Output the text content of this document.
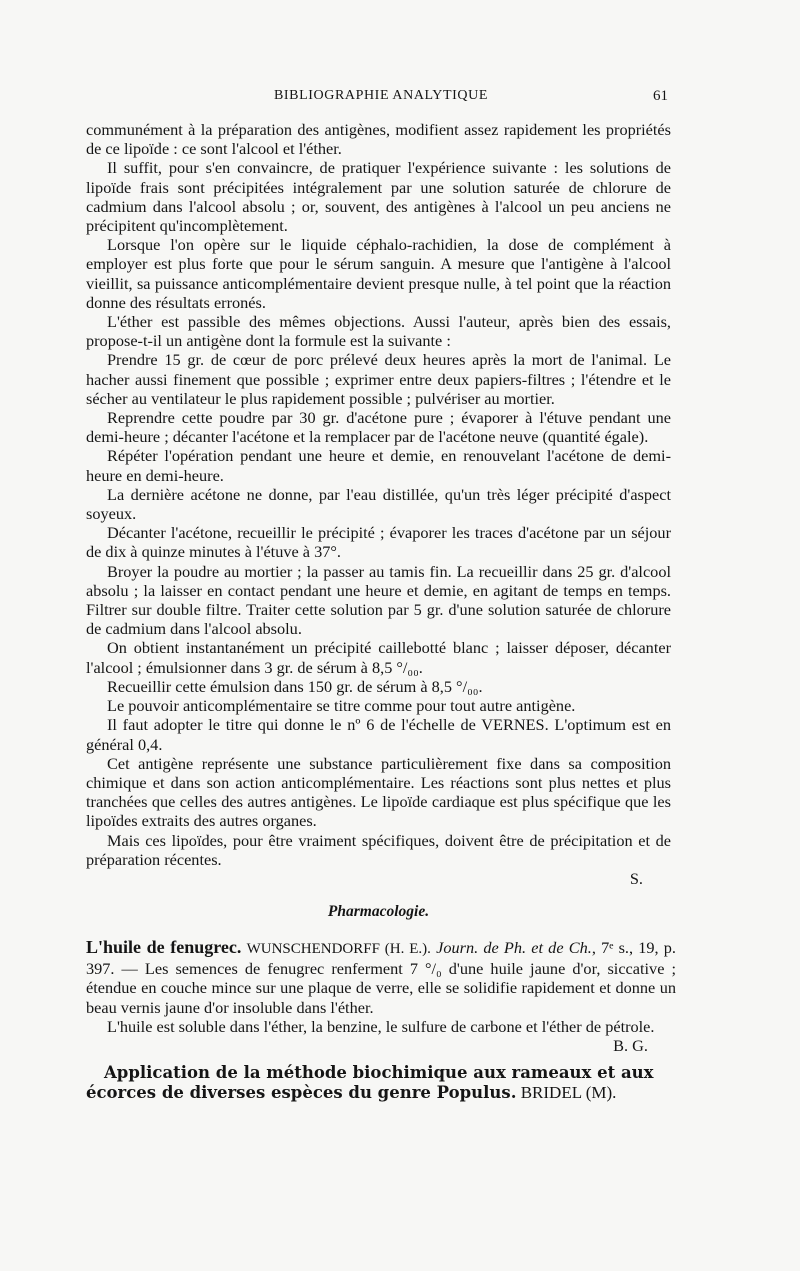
BIBLIOGRAPHIE ANALYTIQUE	61

communément à la préparation des antigènes, modifient assez rapidement les propriétés de ce lipoïde : ce sont l'alcool et l'éther.

Il suffit, pour s'en convaincre, de pratiquer l'expérience suivante : les solutions de lipoïde frais sont précipitées intégralement par une solution saturée de chlorure de cadmium dans l'alcool absolu ; or, souvent, des antigènes à l'alcool un peu anciens ne précipitent qu'incomplètement.

Lorsque l'on opère sur le liquide céphalo-rachidien, la dose de complément à employer est plus forte que pour le sérum sanguin. A mesure que l'antigène à l'alcool vieillit, sa puissance anticomplémentaire devient presque nulle, à tel point que la réaction donne des résultats erronés.

L'éther est passible des mêmes objections. Aussi l'auteur, après bien des essais, propose-t-il un antigène dont la formule est la suivante :

Prendre 15 gr. de cœur de porc prélevé deux heures après la mort de l'animal. Le hacher aussi finement que possible ; exprimer entre deux papiers-filtres ; l'étendre et le sécher au ventilateur le plus rapidement possible ; pulvériser au mortier.

Reprendre cette poudre par 30 gr. d'acétone pure ; évaporer à l'étuve pendant une demi-heure ; décanter l'acétone et la remplacer par de l'acétone neuve (quantité égale).

Répéter l'opération pendant une heure et demie, en renouvelant l'acétone de demi-heure en demi-heure.

La dernière acétone ne donne, par l'eau distillée, qu'un très léger précipité d'aspect soyeux.

Décanter l'acétone, recueillir le précipité ; évaporer les traces d'acétone par un séjour de dix à quinze minutes à l'étuve à 37°.

Broyer la poudre au mortier ; la passer au tamis fin. La recueillir dans 25 gr. d'alcool absolu ; la laisser en contact pendant une heure et demie, en agitant de temps en temps. Filtrer sur double filtre. Traiter cette solution par 5 gr. d'une solution saturée de chlorure de cadmium dans l'alcool absolu.

On obtient instantanément un précipité caillebotté blanc ; laisser déposer, décanter l'alcool ; émulsionner dans 3 gr. de sérum à 8,5 °/₀₀.

Recueillir cette émulsion dans 150 gr. de sérum à 8,5 °/₀₀.

Le pouvoir anticomplémentaire se titre comme pour tout autre antigène.

Il faut adopter le titre qui donne le nº 6 de l'échelle de VERNES. L'optimum est en général 0,4.

Cet antigène représente une substance particulièrement fixe dans sa composition chimique et dans son action anticomplémentaire. Les réactions sont plus nettes et plus tranchées que celles des autres antigènes. Le lipoïde cardiaque est plus spécifique que les lipoïdes extraits des autres organes.

Mais ces lipoïdes, pour être vraiment spécifiques, doivent être de précipitation et de préparation récentes.

S.

Pharmacologie.

L'huile de fenugrec. WUNSCHENDORFF (H. E.). Journ. de Ph. et de Ch., 7ᵉ s., 19, p. 397. — Les semences de fenugrec renferment 7 °/₀ d'une huile jaune d'or, siccative ; étendue en couche mince sur une plaque de verre, elle se solidifie rapidement et donne un beau vernis jaune d'or insoluble dans l'éther.

L'huile est soluble dans l'éther, la benzine, le sulfure de carbone et l'éther de pétrole.
B. G.

Application de la méthode biochimique aux rameaux et aux
écorces de diverses espèces du genre Populus. BRIDEL (M).
